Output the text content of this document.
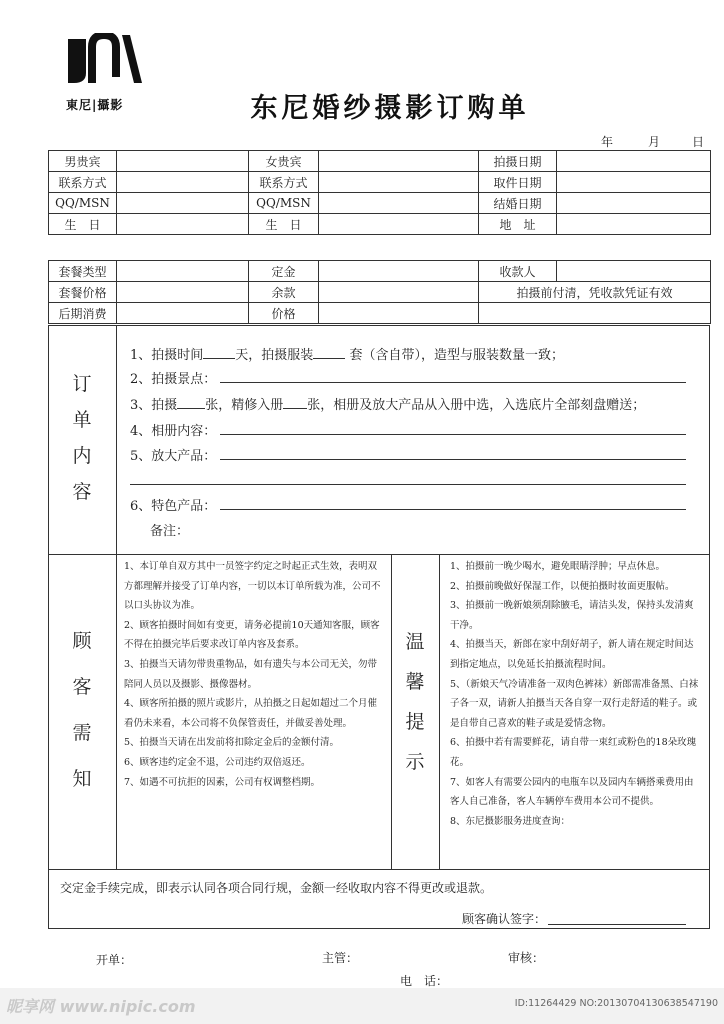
東尼|攝影	东尼婚纱摄影订购单
年	月	日
男贵宾		女贵宾		拍摄日期	
联系方式		联系方式		取件日期	
QQ/MSN		QQ/MSN		结婚日期	
生　日		生　日		地　址	
套餐类型		定金		收款人	
套餐价格		余款		拍摄前付清，凭收款凭证有效	
后期消费		价格			
订
单
内
容
1、拍摄时间 天，拍摄服装	套（含自带），造型与服装数量一致；
2、拍摄景点：
3、拍摄 张，精修入册 张，相册及放大产品从入册中选，入选底片全部刻盘赠送；
4、相册内容：
5、放大产品：
6、特色产品：
备注：
顾
客
需
知

1、本订单自双方其中一员签字约定之时起正式生效，表明双方都理解并接受了订单内容，一切以本订单所载为准，公司不以口头协议为准。

2、顾客拍摄时间如有变更，请务必提前10天通知客服，顾客不得在拍摄完毕后要求改订单内容及套系。

3、拍摄当天请勿带贵重物品，如有遗失与本公司无关，勿带陪同人员以及摄影、摄像器材。

4、顾客所拍摄的照片或影片，从拍摄之日起如超过二个月催看仍未来看，本公司将不负保管责任，并做妥善处理。

5、拍摄当天请在出发前将扣除定金后的金额付清。

6、顾客违约定金不退，公司违约双倍返还。

7、如遇不可抗拒的因素，公司有权调整档期。

温
馨
提
示

1、拍摄前一晚少喝水，避免眼睛浮肿；早点休息。

2、拍摄前晚做好保湿工作，以便拍摄时妆面更服帖。

3、拍摄前一晚新娘须刮除腋毛，请洁头发，保持头发清爽干净。

4、拍摄当天，新郎在家中刮好胡子，新人请在规定时间达到指定地点，以免延长拍摄流程时间。

5、（新娘天气冷请准备一双肉色裤袜）新郎需准备黑、白袜子各一双，请新人拍摄当天各自穿一双行走舒适的鞋子。或是自带自己喜欢的鞋子或是爱情念物。

6、拍摄中若有需要鲜花，请自带一束红或粉色的18朵玫瑰花。

7、如客人有需要公园内的电瓶车以及园内车辆搭乘费用由客人自己准备，客人车辆停车费用本公司不提供。

8、东尼摄影服务进度查询：

交定金手续完成，即表示认同各项合同行规，金额一经收取内容不得更改或退款。
顾客确认签字：
开单：	主管：	审核：
电　话：
昵享网 www.nipic.com	ID:11264429 NO:20130704130638547190
